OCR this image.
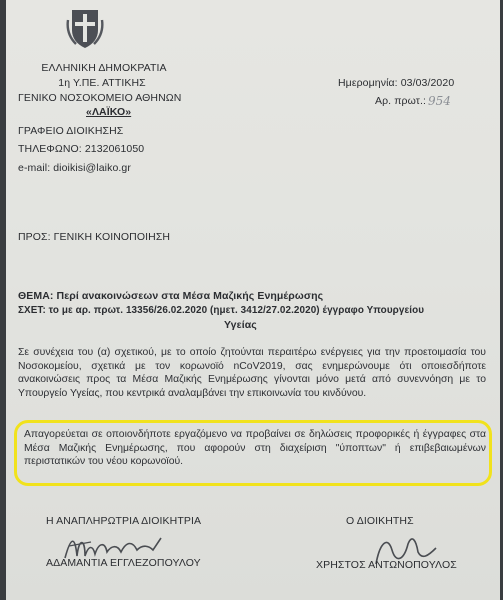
ΕΛΛΗΝΙΚΗ ΔΗΜΟΚΡΑΤΙΑ
1η Υ.ΠΕ. ΑΤΤΙΚΗΣ
ΓΕΝΙΚΟ ΝΟΣΟΚΟΜΕΙΟ ΑΘΗΝΩΝ
«ΛΑΪΚΟ»
ΓΡΑΦΕΙΟ ΔΙΟΙΚΗΣΗΣ
ΤΗΛΕΦΩΝΟ: 2132061050
e-mail: dioikisi@laiko.gr
Ημερομηνία: 03/03/2020
Αρ. πρωτ.: 954
ΠΡΟΣ: ΓΕΝΙΚΗ ΚΟΙΝΟΠΟΙΗΣΗ
ΘΕΜΑ: Περί ανακοινώσεων στα Μέσα Μαζικής Ενημέρωσης
ΣΧΕΤ: το με αρ. πρωτ. 13356/26.02.2020 (ημετ. 3412/27.02.2020) έγγραφο Υπουργείου
Υγείας
Σε συνέχεια του (α) σχετικού, με το οποίο ζητούνται περαιτέρω ενέργειες για την προετοιμασία του Νοσοκομείου, σχετικά με τον κορωνοϊό nCoV2019, σας ενημερώνουμε ότι οποιεσδήποτε ανακοινώσεις προς τα Μέσα Μαζικής Ενημέρωσης γίνονται μόνο μετά από συνεννόηση με το Υπουργείο Υγείας, που κεντρικά αναλαμβάνει την επικοινωνία του κινδύνου.
Απαγορεύεται σε οποιονδήποτε εργαζόμενο να προβαίνει σε δηλώσεις προφορικές ή έγγραφες στα Μέσα Μαζικής Ενημέρωσης, που αφορούν στη διαχείριση "ύποπτων" ή επιβεβαιωμένων περιστατικών του νέου κορωνοϊού.
Η ΑΝΑΠΛΗΡΩΤΡΙΑ ΔΙΟΙΚΗΤΡΙΑ
ΑΔΑΜΑΝΤΙΑ ΕΓΓΛΕΖΟΠΟΥΛΟΥ
Ο ΔΙΟΙΚΗΤΗΣ
ΧΡΗΣΤΟΣ ΑΝΤΩΝΟΠΟΥΛΟΣ
